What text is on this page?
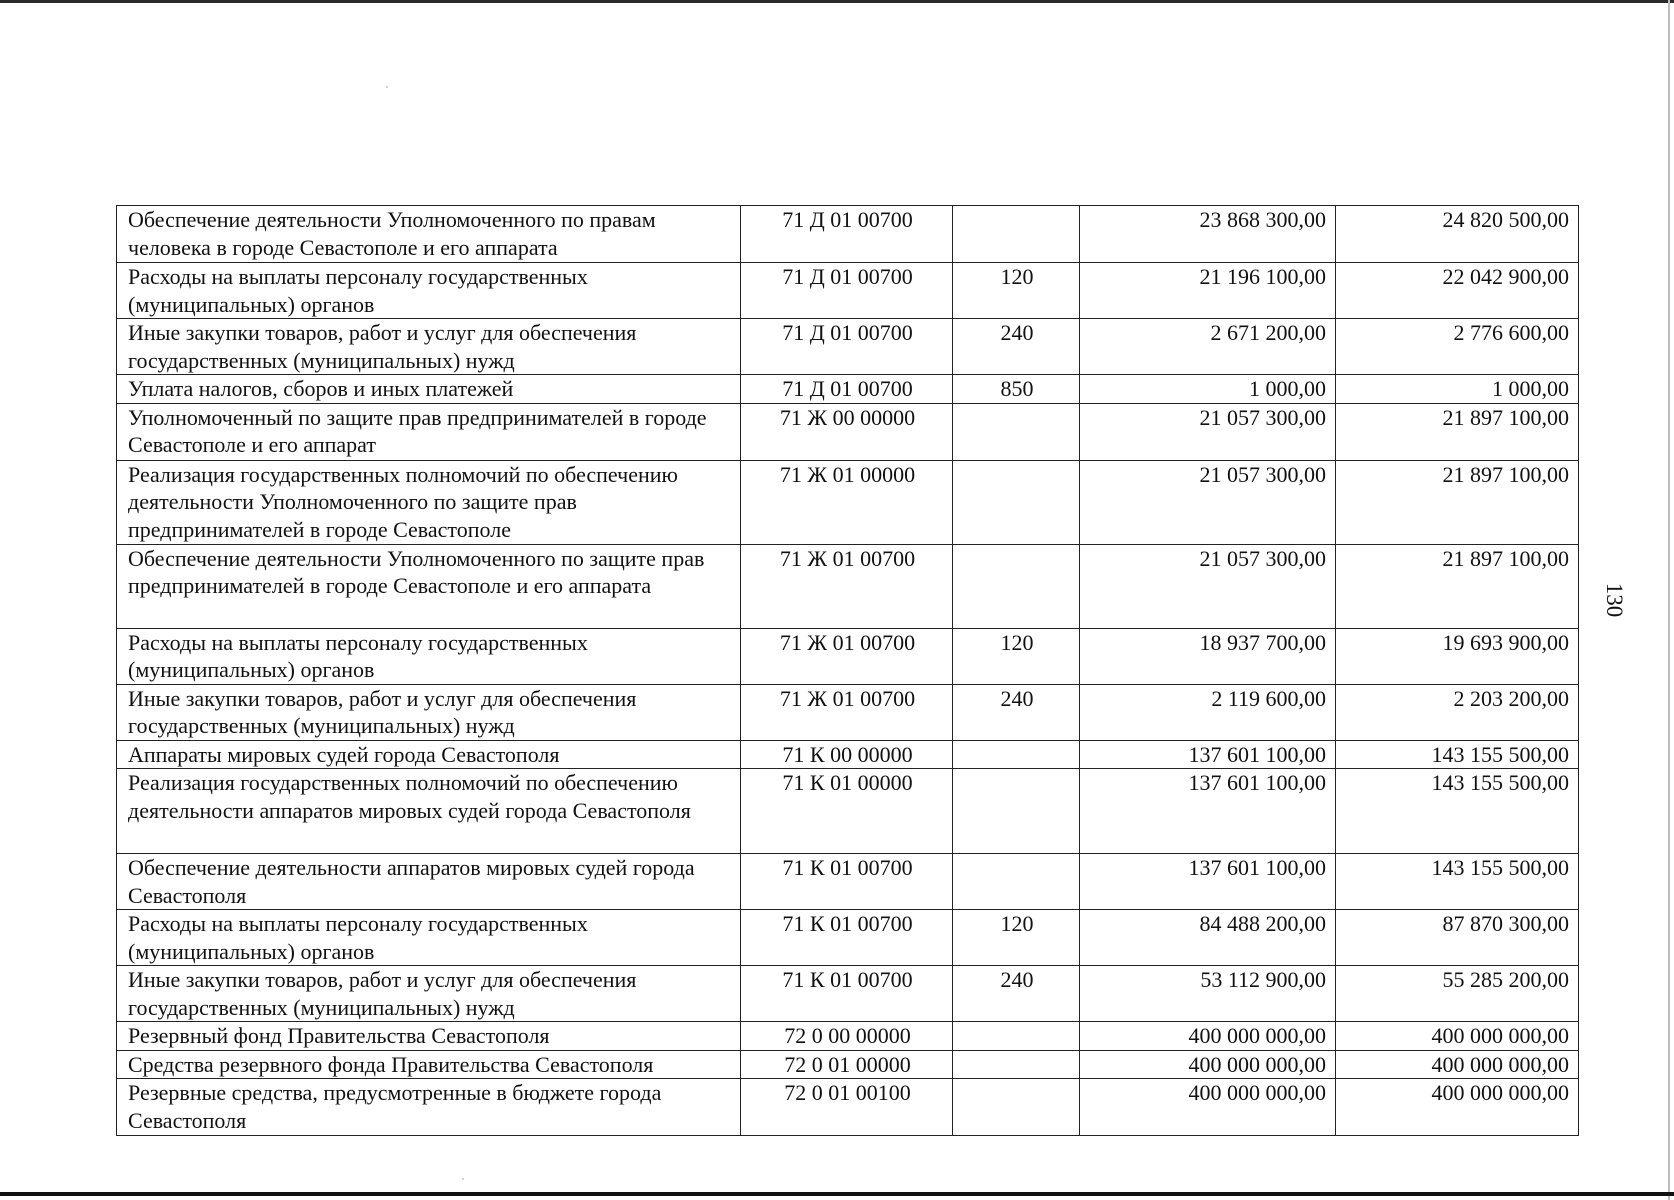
130
Обеспечение деятельности Уполномоченного по правам человека в городе Севастополе и его аппарата	71 Д 01 00700		23 868 300,00	24 820 500,00
Расходы на выплаты персоналу государственных (муниципальных) органов	71 Д 01 00700	120	21 196 100,00	22 042 900,00
Иные закупки товаров, работ и услуг для обеспечения государственных (муниципальных) нужд	71 Д 01 00700	240	2 671 200,00	2 776 600,00
Уплата налогов, сборов и иных платежей	71 Д 01 00700	850	1 000,00	1 000,00
Уполномоченный по защите прав предпринимателей в городе Севастополе и его аппарат	71 Ж 00 00000		21 057 300,00	21 897 100,00
Реализация государственных полномочий по обеспечению деятельности Уполномоченного по защите прав предпринимателей в городе Севастополе	71 Ж 01 00000		21 057 300,00	21 897 100,00
Обеспечение деятельности Уполномоченного по защите прав предпринимателей в городе Севастополе и его аппарата	71 Ж 01 00700		21 057 300,00	21 897 100,00
Расходы на выплаты персоналу государственных (муниципальных) органов	71 Ж 01 00700	120	18 937 700,00	19 693 900,00
Иные закупки товаров, работ и услуг для обеспечения государственных (муниципальных) нужд	71 Ж 01 00700	240	2 119 600,00	2 203 200,00
Аппараты мировых судей города Севастополя	71 К 00 00000		137 601 100,00	143 155 500,00
Реализация государственных полномочий по обеспечению деятельности аппаратов мировых судей города Севастополя	71 К 01 00000		137 601 100,00	143 155 500,00
Обеспечение деятельности аппаратов мировых судей города Севастополя	71 К 01 00700		137 601 100,00	143 155 500,00
Расходы на выплаты персоналу государственных (муниципальных) органов	71 К 01 00700	120	84 488 200,00	87 870 300,00
Иные закупки товаров, работ и услуг для обеспечения государственных (муниципальных) нужд	71 К 01 00700	240	53 112 900,00	55 285 200,00
Резервный фонд Правительства Севастополя	72 0 00 00000		400 000 000,00	400 000 000,00
Средства резервного фонда Правительства Севастополя	72 0 01 00000		400 000 000,00	400 000 000,00
Резервные средства, предусмотренные в бюджете города Севастополя	72 0 01 00100		400 000 000,00	400 000 000,00
